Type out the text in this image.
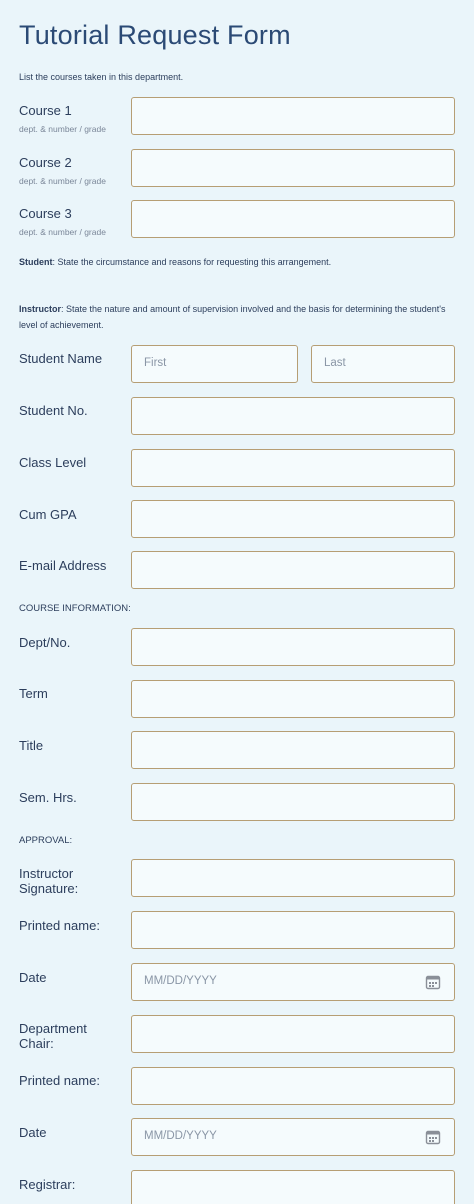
Tutorial Request Form
List the courses taken in this department.
Course 1
dept. & number / grade
Course 2
dept. & number / grade
Course 3
dept. & number / grade
Student: State the circumstance and reasons for requesting this arrangement.
Instructor: State the nature and amount of supervision involved and the basis for determining the student's level of achievement.
Student Name	First	Last
Student No.
Class Level
Cum GPA
E-mail Address
COURSE INFORMATION:
Dept/No.
Term
Title
Sem. Hrs.
APPROVAL:
Instructor
Signature:
Printed name:
Date	MM/DD/YYYY
Department
Chair:
Printed name:
Date	MM/DD/YYYY
Registrar:
